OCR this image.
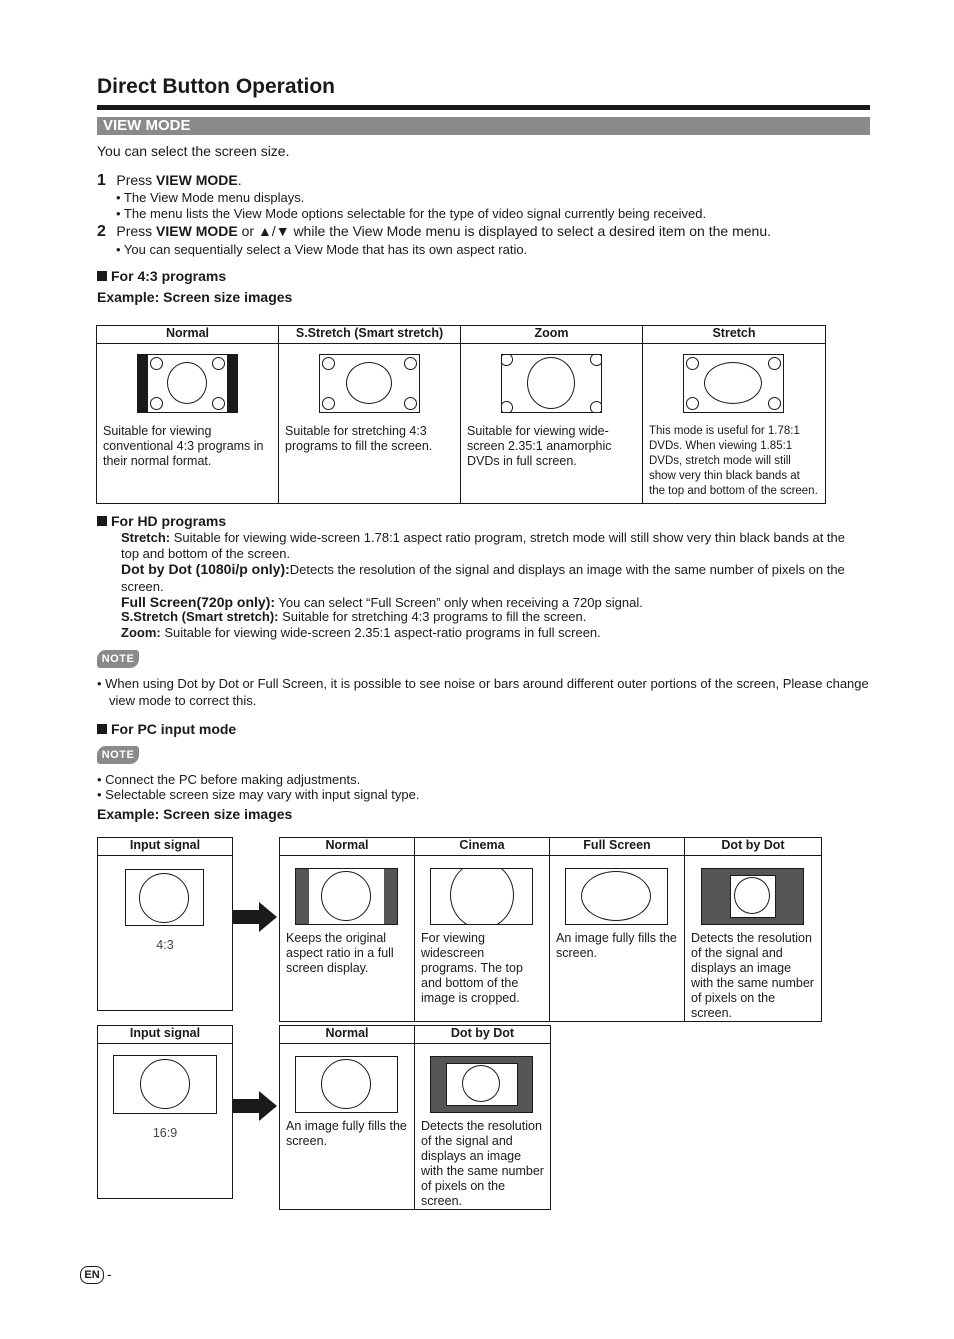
Direct Button Operation
VIEW MODE
You can select the screen size.
1 Press VIEW MODE.
• The View Mode menu displays.
• The menu lists the View Mode options selectable for the type of video signal currently being received.
2 Press VIEW MODE or ▲/▼ while the View Mode menu is displayed to select a desired item on the menu.
• You can sequentially select a View Mode that has its own aspect ratio.
For 4:3 programs
Example: Screen size images
Normal	S.Stretch (Smart stretch)	Zoom	Stretch

Suitable for viewing conventional 4:3 programs in their normal format.	Suitable for stretching 4:3 programs to fill the screen.	Suitable for viewing wide-screen 2.35:1 anamorphic DVDs in full screen.	This mode is useful for 1.78:1 DVDs. When viewing 1.85:1 DVDs, stretch mode will still show very thin black bands at the top and bottom of the screen.
For HD programs
Stretch: Suitable for viewing wide-screen 1.78:1 aspect ratio program, stretch mode will still show very thin black bands at the top and bottom of the screen.
Dot by Dot (1080i/p only):Detects the resolution of the signal and displays an image with the same number of pixels on the screen.
Full Screen(720p only): You can select “Full Screen” only when receiving a 720p signal.
S.Stretch (Smart stretch): Suitable for stretching 4:3 programs to fill the screen.
Zoom: Suitable for viewing wide-screen 2.35:1 aspect-ratio programs in full screen.
NOTE
• When using Dot by Dot or Full Screen, it is possible to see noise or bars around different outer portions of the screen, Please change view mode to correct this.
For PC input mode
NOTE
• Connect the PC before making adjustments.
• Selectable screen size may vary with input signal type.
Example: Screen size images
Input signal

4:3
Normal	Cinema	Full Screen	Dot by Dot

Keeps the original aspect ratio in a full screen display.	For viewing widescreen programs. The top and bottom of the image is cropped.	An image fully fills the screen.	Detects the resolution of the signal and displays an image with the same number of pixels on the screen.
Input signal

16:9
Normal	Dot by Dot

An image fully fills the screen.	Detects the resolution of the signal and displays an image with the same number of pixels on the screen.
EN -
